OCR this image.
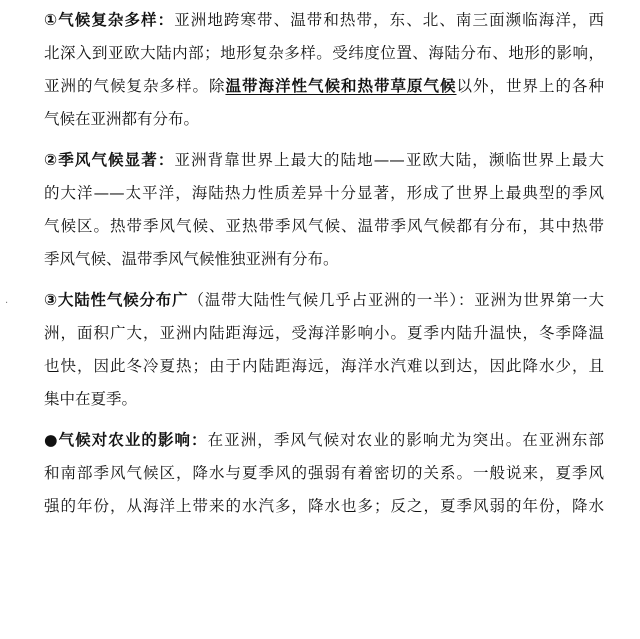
·
①气候复杂多样：亚洲地跨寒带、温带和热带，东、北、南三面濒临海洋，西
北深入到亚欧大陆内部；地形复杂多样。受纬度位置、海陆分布、地形的影响，
亚洲的气候复杂多样。除温带海洋性气候和热带草原气候以外，世界上的各种
气候在亚洲都有分布。
②季风气候显著：亚洲背靠世界上最大的陆地——亚欧大陆，濒临世界上最大
的大洋——太平洋，海陆热力性质差异十分显著，形成了世界上最典型的季风
气候区。热带季风气候、亚热带季风气候、温带季风气候都有分布，其中热带
季风气候、温带季风气候惟独亚洲有分布。
③大陆性气候分布广（温带大陆性气候几乎占亚洲的一半）：亚洲为世界第一大
洲，面积广大，亚洲内陆距海远，受海洋影响小。夏季内陆升温快，冬季降温
也快，因此冬冷夏热；由于内陆距海远，海洋水汽难以到达，因此降水少，且
集中在夏季。
●气候对农业的影响：在亚洲，季风气候对农业的影响尤为突出。在亚洲东部
和南部季风气候区，降水与夏季风的强弱有着密切的关系。一般说来，夏季风
强的年份，从海洋上带来的水汽多，降水也多；反之，夏季风弱的年份，降水
